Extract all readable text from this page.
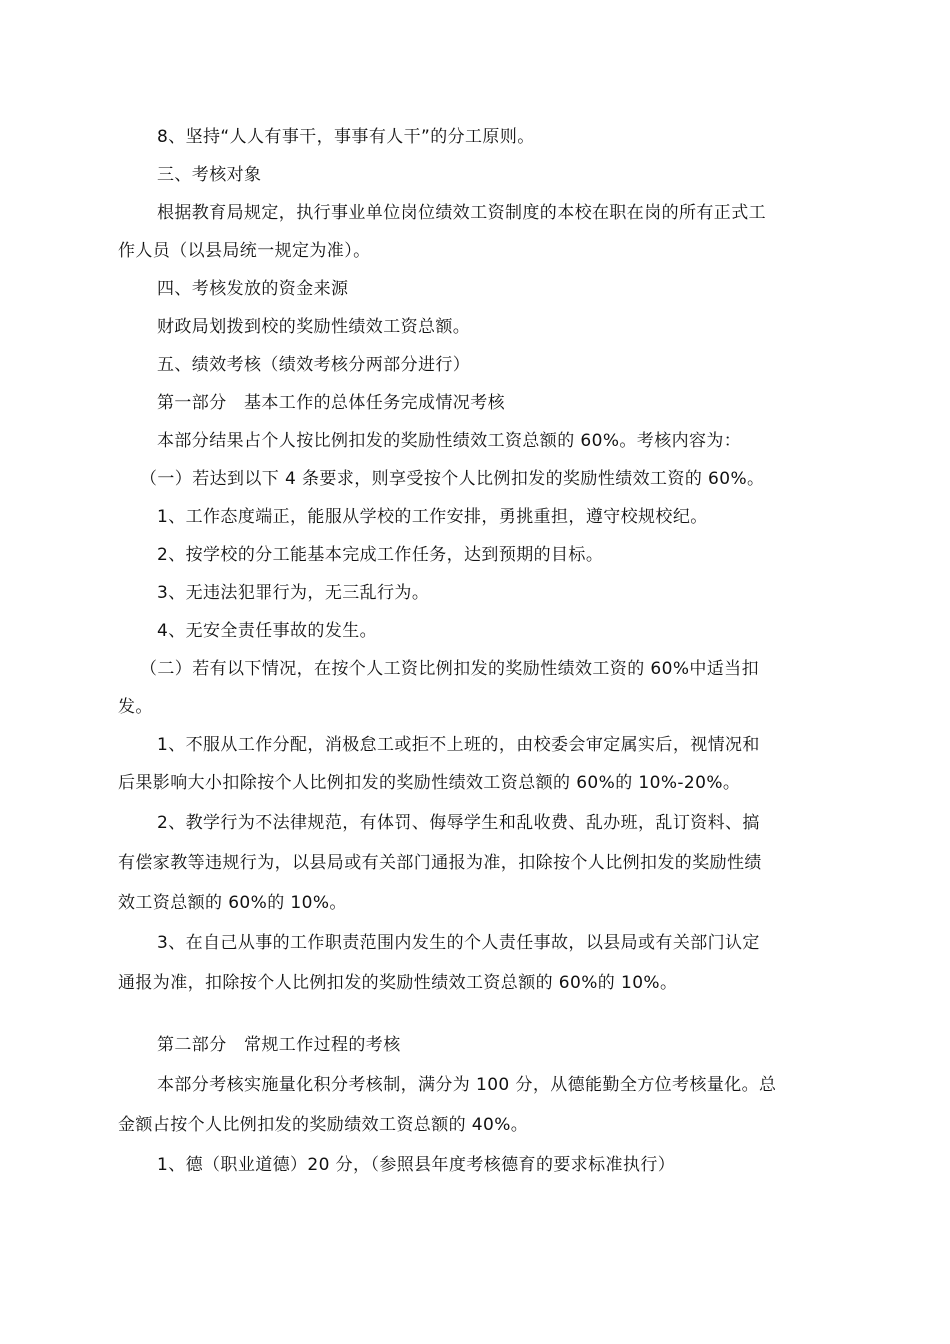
8、坚持“人人有事干，事事有人干”的分工原则。
三、考核对象
根据教育局规定，执行事业单位岗位绩效工资制度的本校在职在岗的所有正式工
作人员（以县局统一规定为准）。
四、考核发放的资金来源
财政局划拨到校的奖励性绩效工资总额。
五、绩效考核（绩效考核分两部分进行）
第一部分　基本工作的总体任务完成情况考核
本部分结果占个人按比例扣发的奖励性绩效工资总额的 60%。考核内容为：
（一）若达到以下 4 条要求，则享受按个人比例扣发的奖励性绩效工资的 60%。
1、工作态度端正，能服从学校的工作安排，勇挑重担，遵守校规校纪。
2、按学校的分工能基本完成工作任务，达到预期的目标。
3、无违法犯罪行为，无三乱行为。
4、无安全责任事故的发生。
（二）若有以下情况，在按个人工资比例扣发的奖励性绩效工资的 60%中适当扣
发。
1、不服从工作分配，消极怠工或拒不上班的，由校委会审定属实后，视情况和
后果影响大小扣除按个人比例扣发的奖励性绩效工资总额的 60%的 10%-20%。
2、教学行为不法律规范，有体罚、侮辱学生和乱收费、乱办班，乱订资料、搞
有偿家教等违规行为，以县局或有关部门通报为准，扣除按个人比例扣发的奖励性绩
效工资总额的 60%的 10%。
3、在自己从事的工作职责范围内发生的个人责任事故，以县局或有关部门认定
通报为准，扣除按个人比例扣发的奖励性绩效工资总额的 60%的 10%。
第二部分　常规工作过程的考核
本部分考核实施量化积分考核制，满分为 100 分，从德能勤全方位考核量化。总
金额占按个人比例扣发的奖励绩效工资总额的 40%。
1、德（职业道德）20 分，（参照县年度考核德育的要求标准执行）
